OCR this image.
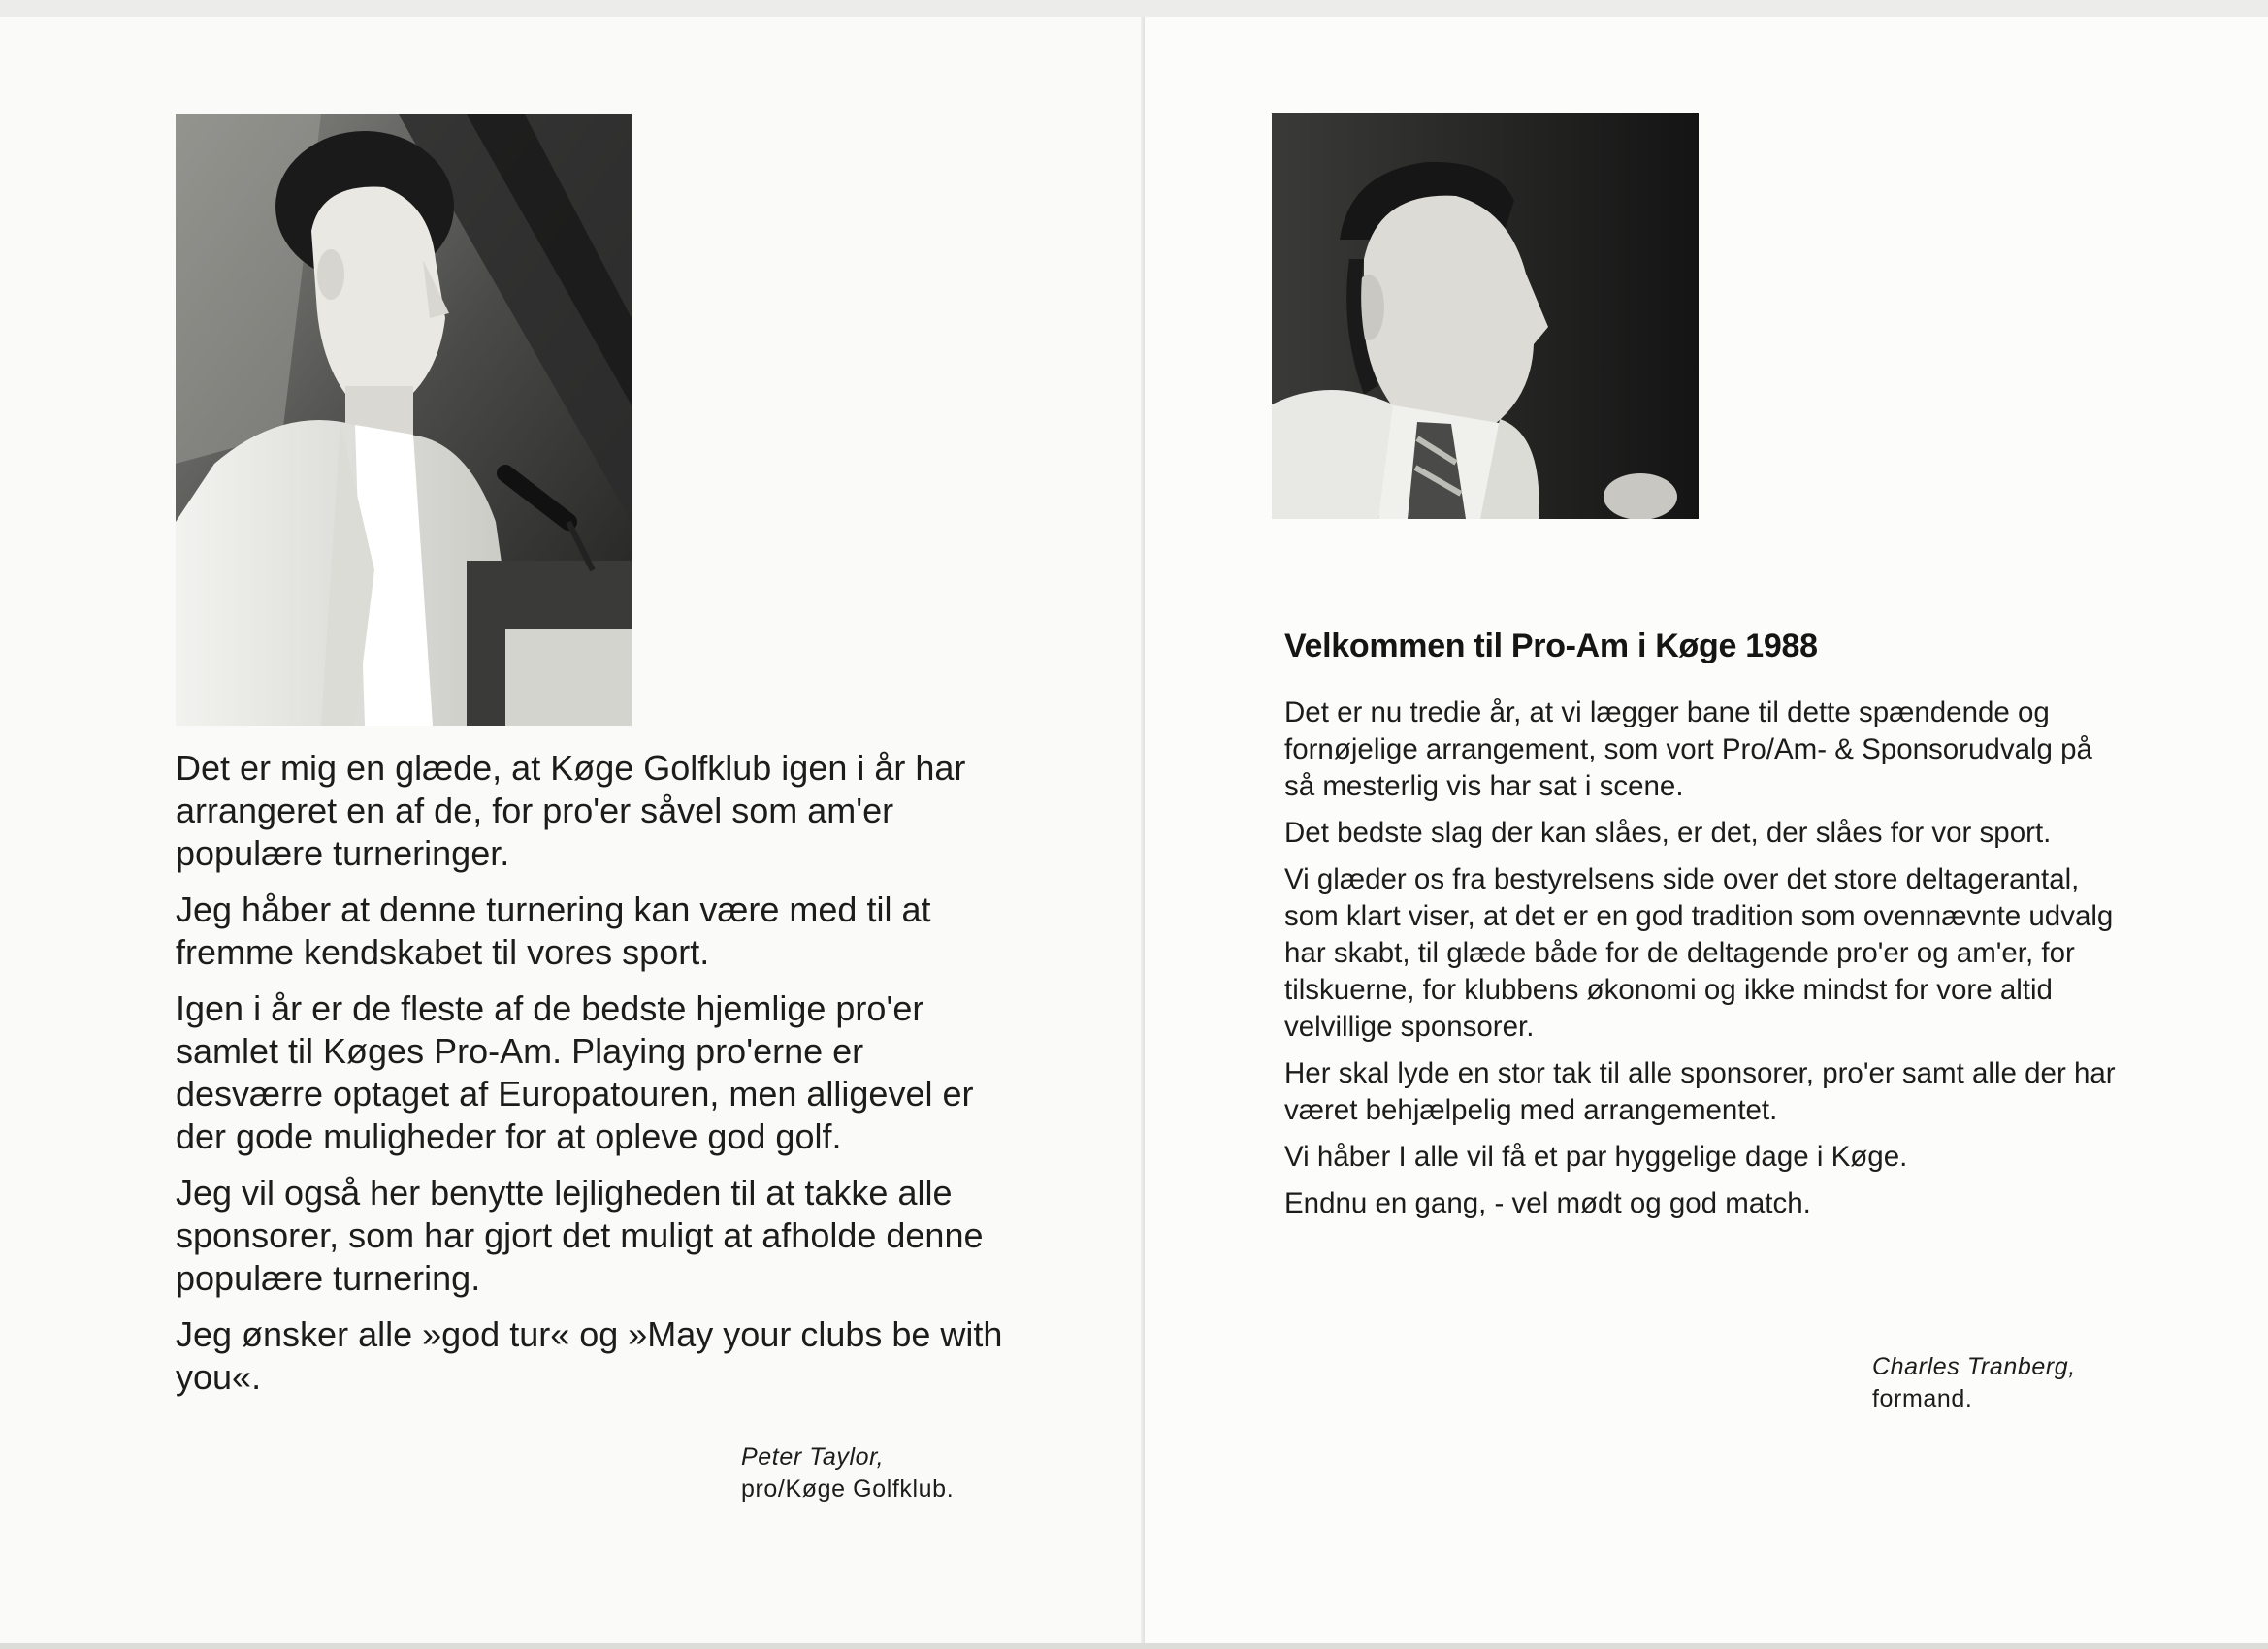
Det er mig en glæde, at Køge Golfklub igen i år har arrangeret en af de, for pro'er såvel som am'er populære turneringer.

Jeg håber at denne turnering kan være med til at fremme kendskabet til vores sport.

Igen i år er de fleste af de bedste hjemlige pro'er samlet til Køges Pro-Am. Playing pro'erne er desværre optaget af Europatouren, men alligevel er der gode muligheder for at opleve god golf.

Jeg vil også her benytte lejligheden til at takke alle sponsorer, som har gjort det muligt at afholde denne populære turnering.

Jeg ønsker alle »god tur« og »May your clubs be with you«.

Peter Taylor,
pro/Køge Golfklub.
Velkommen til Pro-Am i Køge 1988

Det er nu tredie år, at vi lægger bane til dette spændende og fornøjelige arrangement, som vort Pro/Am- & Sponsorudvalg på så mesterlig vis har sat i scene.

Det bedste slag der kan slåes, er det, der slåes for vor sport.

Vi glæder os fra bestyrelsens side over det store deltagerantal, som klart viser, at det er en god tradition som ovennævnte udvalg har skabt, til glæde både for de deltagende pro'er og am'er, for tilskuerne, for klubbens økonomi og ikke mindst for vore altid velvillige sponsorer.

Her skal lyde en stor tak til alle sponsorer, pro'er samt alle der har været behjælpelig med arrangementet.

Vi håber I alle vil få et par hyggelige dage i Køge.

Endnu en gang, - vel mødt og god match.

Charles Tranberg,
formand.
